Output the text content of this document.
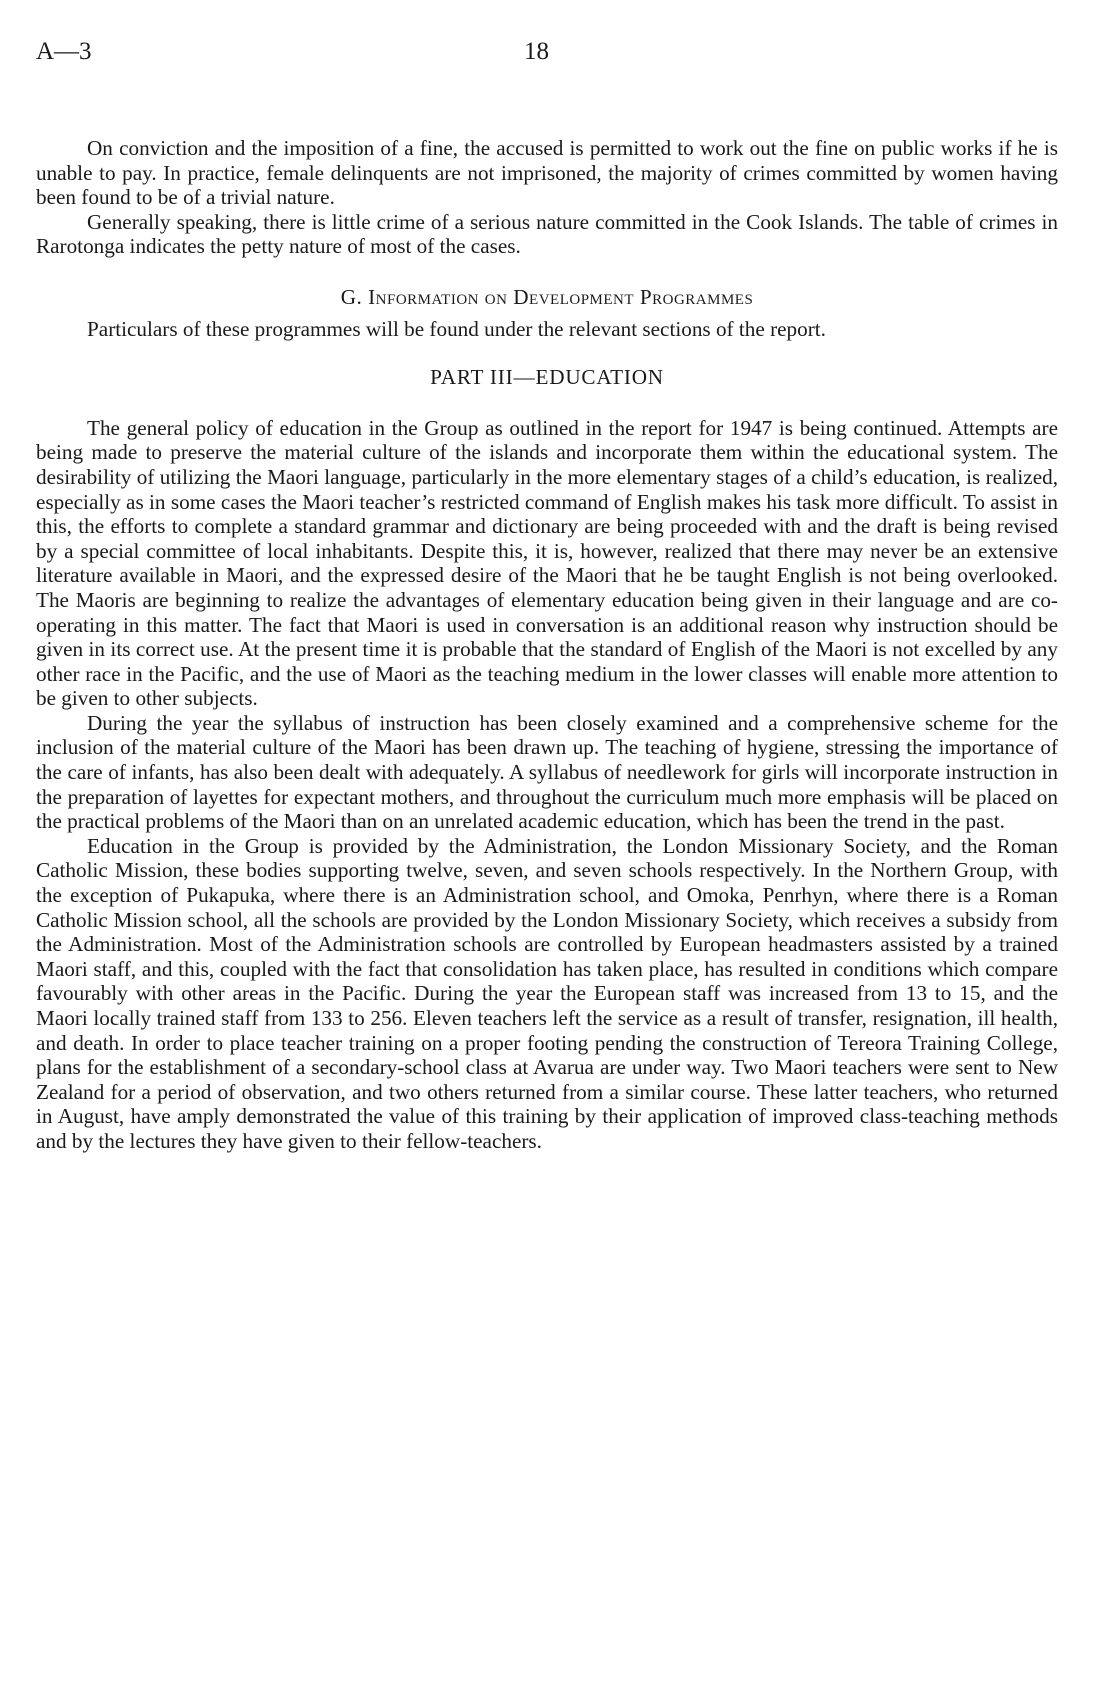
A—3	18

On conviction and the imposition of a fine, the accused is permitted to work out the fine on public works if he is unable to pay. In practice, female delinquents are not imprisoned, the majority of crimes committed by women having been found to be of a trivial nature.

Generally speaking, there is little crime of a serious nature committed in the Cook Islands. The table of crimes in Rarotonga indicates the petty nature of most of the cases.

G. Information on Development Programmes

Particulars of these programmes will be found under the relevant sections of the report.

PART III—EDUCATION

The general policy of education in the Group as outlined in the report for 1947 is being continued. Attempts are being made to preserve the material culture of the islands and incorporate them within the educational system. The desirability of utilizing the Maori language, particularly in the more elementary stages of a child’s education, is realized, especially as in some cases the Maori teacher’s restricted command of English makes his task more difficult. To assist in this, the efforts to complete a standard grammar and dictionary are being proceeded with and the draft is being revised by a special committee of local inhabitants. Despite this, it is, however, realized that there may never be an extensive literature available in Maori, and the expressed desire of the Maori that he be taught English is not being overlooked. The Maoris are beginning to realize the advantages of elementary education being given in their language and are co-operating in this matter. The fact that Maori is used in conversation is an additional reason why instruction should be given in its correct use. At the present time it is probable that the standard of English of the Maori is not excelled by any other race in the Pacific, and the use of Maori as the teaching medium in the lower classes will enable more attention to be given to other subjects.

During the year the syllabus of instruction has been closely examined and a comprehensive scheme for the inclusion of the material culture of the Maori has been drawn up. The teaching of hygiene, stressing the importance of the care of infants, has also been dealt with adequately. A syllabus of needlework for girls will incorporate instruction in the preparation of layettes for expectant mothers, and throughout the curriculum much more emphasis will be placed on the practical problems of the Maori than on an unrelated academic education, which has been the trend in the past.

Education in the Group is provided by the Administration, the London Missionary Society, and the Roman Catholic Mission, these bodies supporting twelve, seven, and seven schools respectively. In the Northern Group, with the exception of Pukapuka, where there is an Administration school, and Omoka, Penrhyn, where there is a Roman Catholic Mission school, all the schools are provided by the London Missionary Society, which receives a subsidy from the Administration. Most of the Administration schools are controlled by European headmasters assisted by a trained Maori staff, and this, coupled with the fact that consolidation has taken place, has resulted in conditions which compare favourably with other areas in the Pacific. During the year the European staff was increased from 13 to 15, and the Maori locally trained staff from 133 to 256. Eleven teachers left the service as a result of transfer, resignation, ill health, and death. In order to place teacher training on a proper footing pending the construction of Tereora Training College, plans for the establishment of a secondary-school class at Avarua are under way. Two Maori teachers were sent to New Zealand for a period of observation, and two others returned from a similar course. These latter teachers, who returned in August, have amply demonstrated the value of this training by their application of improved class-teaching methods and by the lectures they have given to their fellow-teachers.
